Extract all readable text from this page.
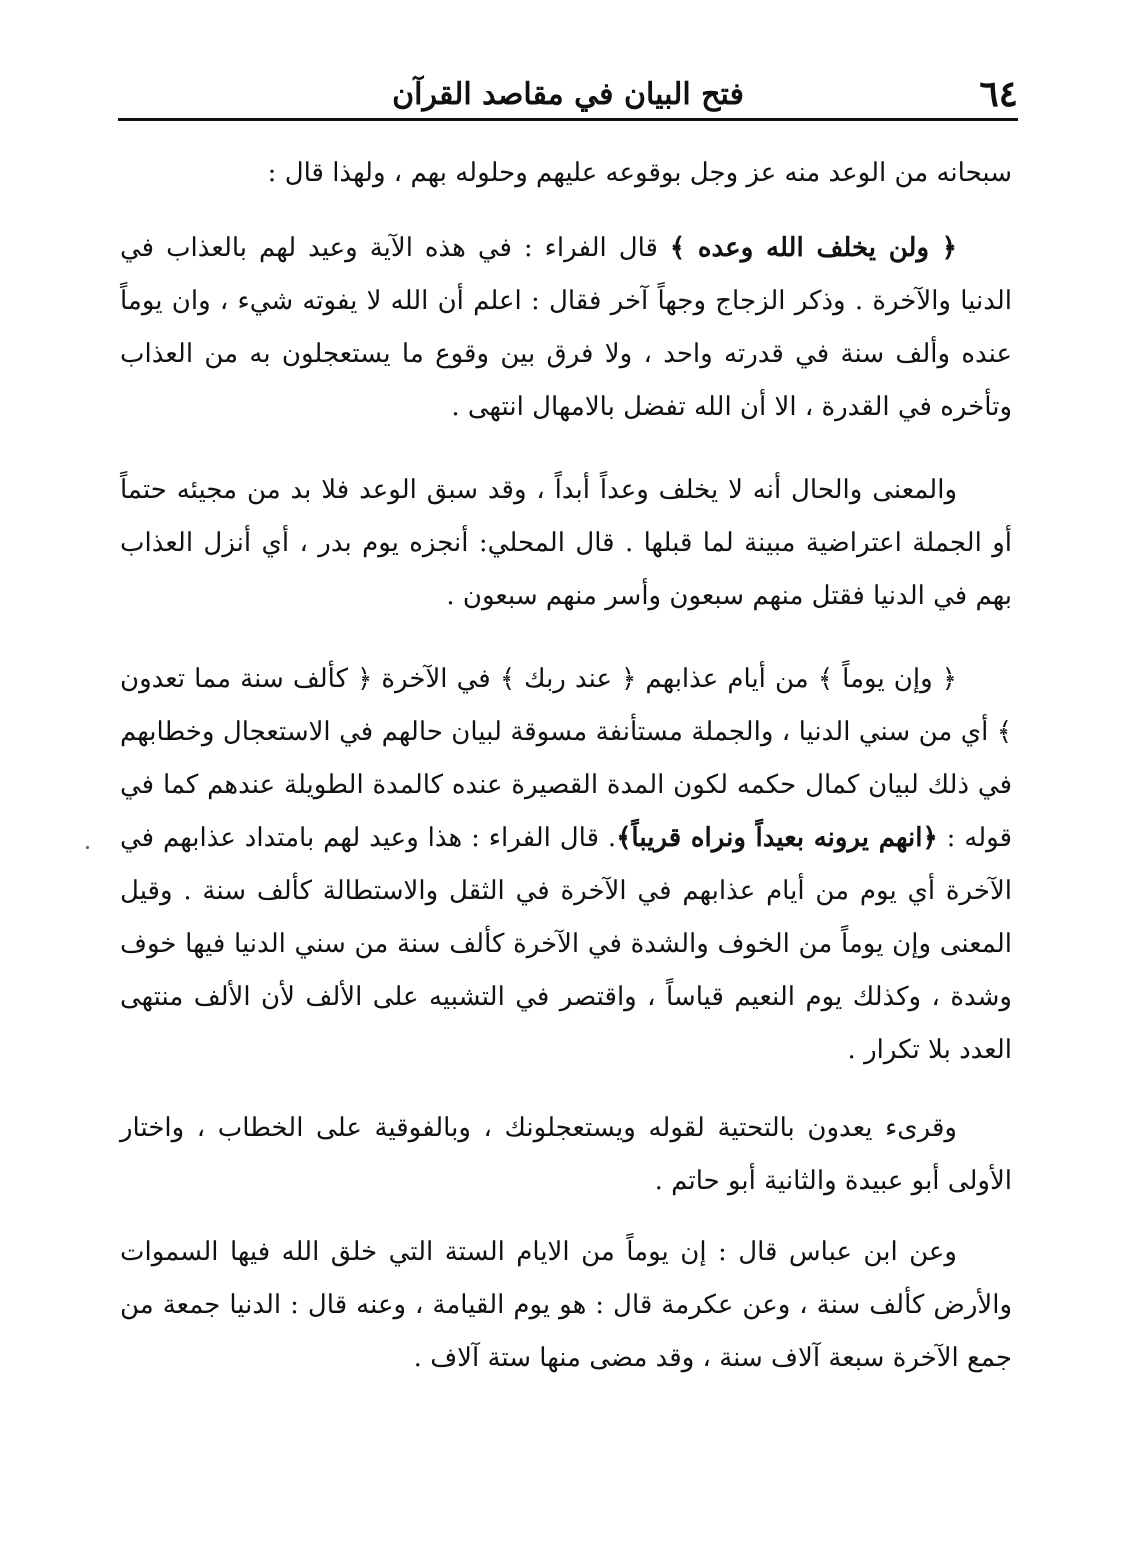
٦٤
فتح البيان في مقاصد القرآن

سبحانه من الوعد منه عز وجل بوقوعه عليهم وحلوله بهم ، ولهذا قال :

﴿ ولن يخلف الله وعده ﴾ قال الفراء : في هذه الآية وعيد لهم بالعذاب في الدنيا والآخرة . وذكر الزجاج وجهاً آخر فقال : اعلم أن الله لا يفوته شيء ، وان يوماً عنده وألف سنة في قدرته واحد ، ولا فرق بين وقوع ما يستعجلون به من العذاب وتأخره في القدرة ، الا أن الله تفضل بالامهال انتهى .

والمعنى والحال أنه لا يخلف وعداً أبداً ، وقد سبق الوعد فلا بد من مجيئه حتماً أو الجملة اعتراضية مبينة لما قبلها . قال المحلي: أنجزه يوم بدر ، أي أنزل العذاب بهم في الدنيا فقتل منهم سبعون وأسر منهم سبعون .

﴿ وإن يوماً ﴾ من أيام عذابهم ﴿ عند ربك ﴾ في الآخرة ﴿ كألف سنة مما تعدون ﴾ أي من سني الدنيا ، والجملة مستأنفة مسوقة لبيان حالهم في الاستعجال وخطابهم في ذلك لبيان كمال حكمه لكون المدة القصيرة عنده كالمدة الطويلة عندهم كما في قوله : ﴿انهم يرونه بعيداً ونراه قريباً﴾. قال الفراء : هذا وعيد لهم بامتداد عذابهم في الآخرة أي يوم من أيام عذابهم في الآخرة في الثقل والاستطالة كألف سنة . وقيل المعنى وإن يوماً من الخوف والشدة في الآخرة كألف سنة من سني الدنيا فيها خوف وشدة ، وكذلك يوم النعيم قياساً ، واقتصر في التشبيه على الألف لأن الألف منتهى العدد بلا تكرار .

وقرىء يعدون بالتحتية لقوله ويستعجلونك ، وبالفوقية على الخطاب ، واختار الأولى أبو عبيدة والثانية أبو حاتم .

وعن ابن عباس قال : إن يوماً من الايام الستة التي خلق الله فيها السموات والأرض كألف سنة ، وعن عكرمة قال : هو يوم القيامة ، وعنه قال : الدنيا جمعة من جمع الآخرة سبعة آلاف سنة ، وقد مضى منها ستة آلاف .
